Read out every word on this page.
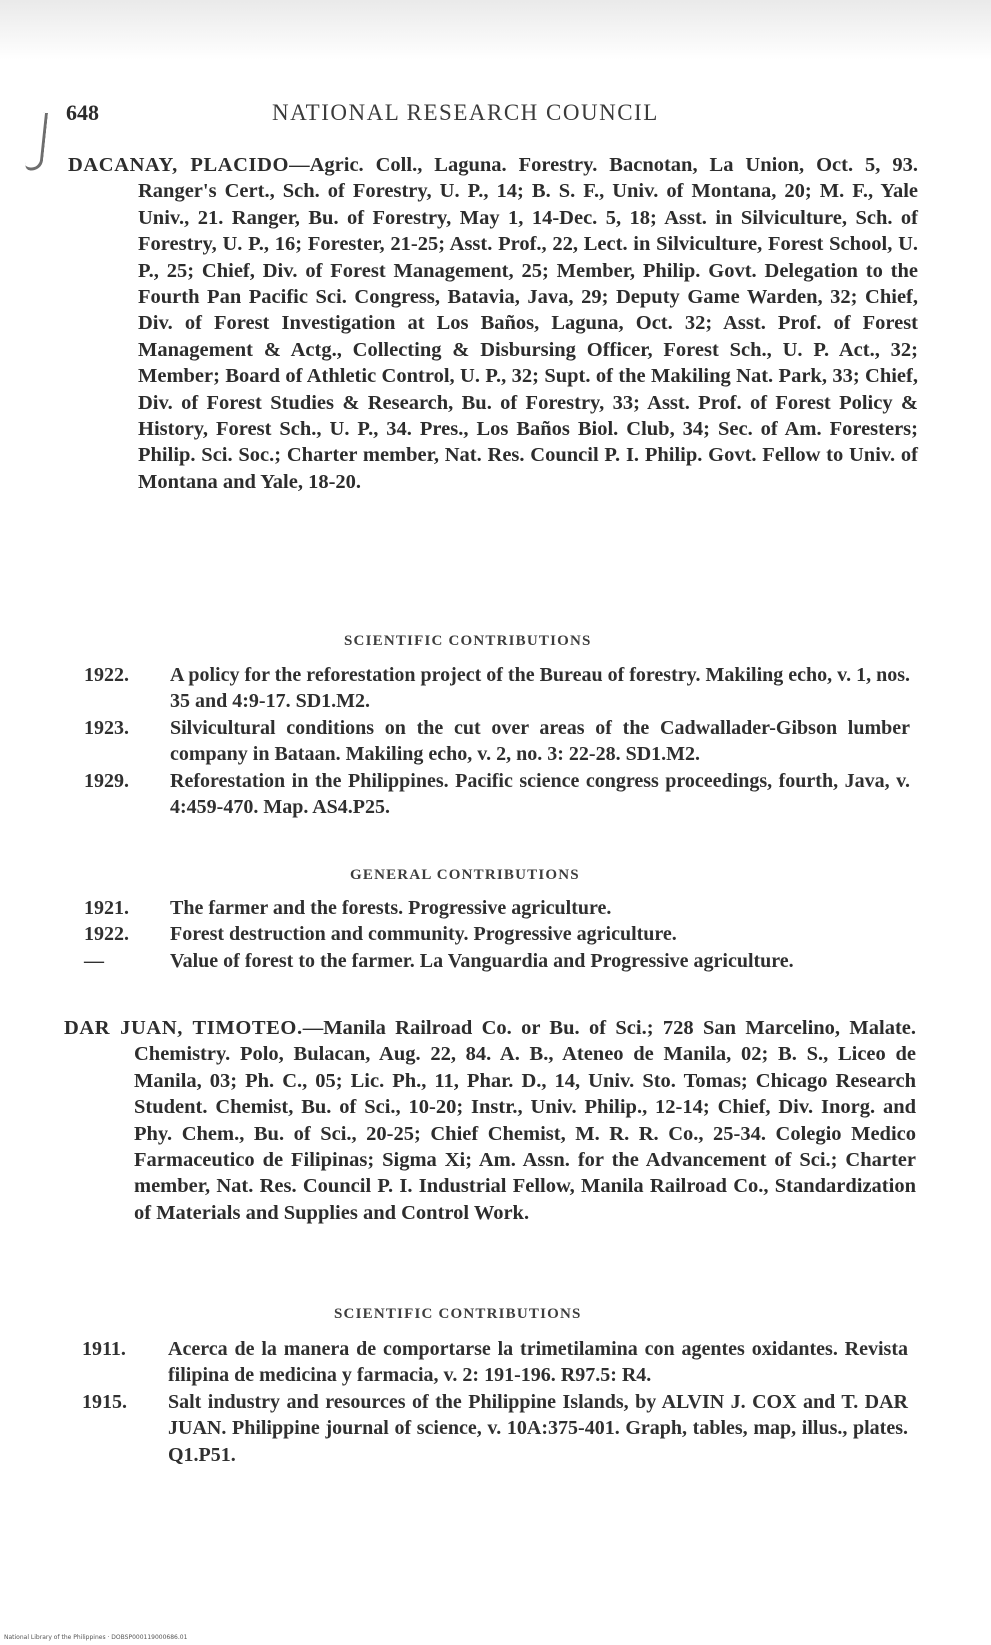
648	NATIONAL RESEARCH COUNCIL
DACANAY, PLACIDO—Agric. Coll., Laguna. Forestry. Bacnotan, La Union, Oct. 5, 93. Ranger's Cert., Sch. of Forestry, U. P., 14; B. S. F., Univ. of Montana, 20; M. F., Yale Univ., 21. Ranger, Bu. of Forestry, May 1, 14-Dec. 5, 18; Asst. in Silviculture, Sch. of Forestry, U. P., 16; Forester, 21-25; Asst. Prof., 22, Lect. in Silviculture, Forest School, U. P., 25; Chief, Div. of Forest Management, 25; Member, Philip. Govt. Delegation to the Fourth Pan Pacific Sci. Congress, Batavia, Java, 29; Deputy Game Warden, 32; Chief, Div. of Forest Investigation at Los Baños, Laguna, Oct. 32; Asst. Prof. of Forest Management & Actg., Collecting & Disbursing Officer, Forest Sch., U. P. Act., 32; Member; Board of Athletic Control, U. P., 32; Supt. of the Makiling Nat. Park, 33; Chief, Div. of Forest Studies & Research, Bu. of Forestry, 33; Asst. Prof. of Forest Policy & History, Forest Sch., U. P., 34. Pres., Los Baños Biol. Club, 34; Sec. of Am. Foresters; Philip. Sci. Soc.; Charter member, Nat. Res. Council P. I. Philip. Govt. Fellow to Univ. of Montana and Yale, 18-20.
SCIENTIFIC CONTRIBUTIONS
1922. A policy for the reforestation project of the Bureau of forestry. Makiling echo, v. 1, nos. 35 and 4:9-17. SD1.M2.
1923. Silvicultural conditions on the cut over areas of the Cadwallader-Gibson lumber company in Bataan. Makiling echo, v. 2, no. 3: 22-28. SD1.M2.
1929. Reforestation in the Philippines. Pacific science congress proceedings, fourth, Java, v. 4:459-470. Map. AS4.P25.
GENERAL CONTRIBUTIONS
1921. The farmer and the forests. Progressive agriculture.
1922. Forest destruction and community. Progressive agriculture.
—	Value of forest to the farmer. La Vanguardia and Progressive agriculture.
DAR JUAN, TIMOTEO.—Manila Railroad Co. or Bu. of Sci.; 728 San Marcelino, Malate. Chemistry. Polo, Bulacan, Aug. 22, 84. A. B., Ateneo de Manila, 02; B. S., Liceo de Manila, 03; Ph. C., 05; Lic. Ph., 11, Phar. D., 14, Univ. Sto. Tomas; Chicago Research Student. Chemist, Bu. of Sci., 10-20; Instr., Univ. Philip., 12-14; Chief, Div. Inorg. and Phy. Chem., Bu. of Sci., 20-25; Chief Chemist, M. R. R. Co., 25-34. Colegio Medico Farmaceutico de Filipinas; Sigma Xi; Am. Assn. for the Advancement of Sci.; Charter member, Nat. Res. Council P. I. Industrial Fellow, Manila Railroad Co., Standardization of Materials and Supplies and Control Work.
SCIENTIFIC CONTRIBUTIONS
1911. Acerca de la manera de comportarse la trimetilamina con agentes oxidantes. Revista filipina de medicina y farmacia, v. 2: 191-196. R97.5: R4.
1915. Salt industry and resources of the Philippine Islands, by ALVIN J. COX and T. DAR JUAN. Philippine journal of science, v. 10A:375-401. Graph, tables, map, illus., plates. Q1.P51.
National Library of the Philippines · DOBSP000119000686.01
